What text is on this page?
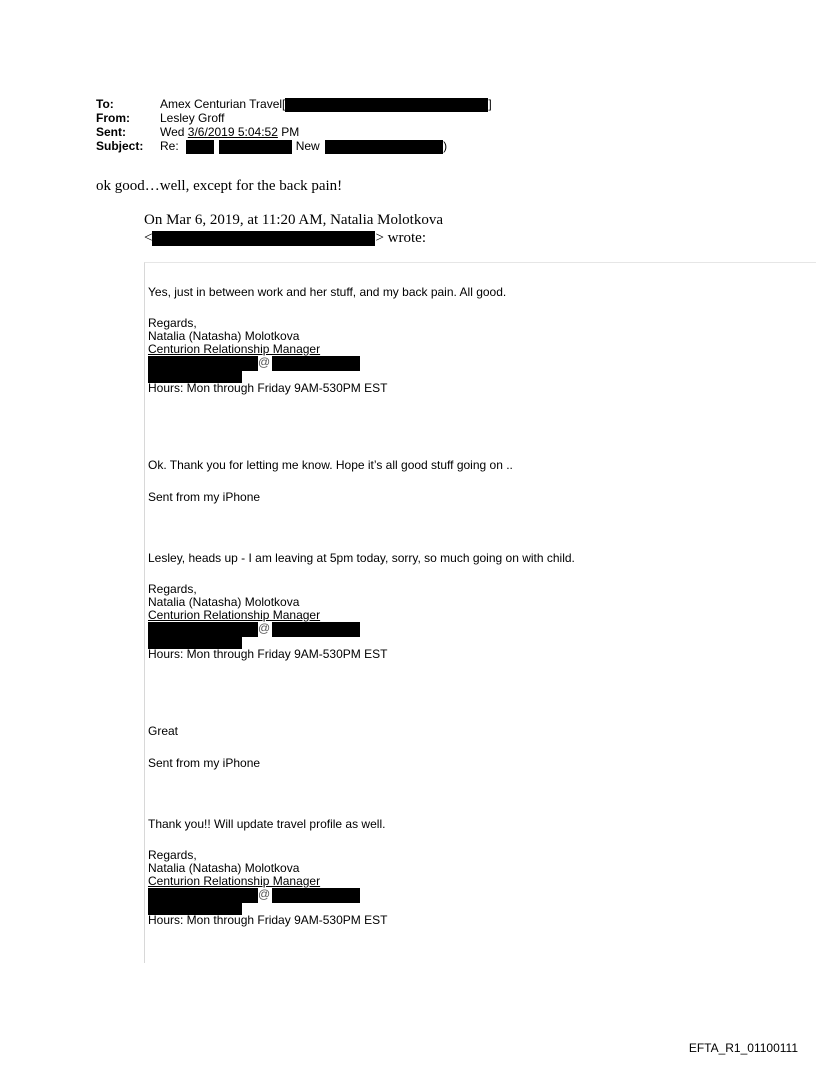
To:	Amex Centurian Travel[	]
From:	Lesley Groff
Sent:	Wed 3/6/2019 5:04:52 PM
Subject:	Re:	New	)
ok good…well, except for the back pain!
On Mar 6, 2019, at 11:20 AM, Natalia Molotkova
<	> wrote:
Yes, just in between work and her stuff, and my back pain. All good.
Regards,
Natalia (Natasha) Molotkova
Centurion Relationship Manager
@
Hours: Mon through Friday 9AM-530PM EST
Ok. Thank you for letting me know. Hope it’s all good stuff going on ..
Sent from my iPhone
Lesley, heads up - I am leaving at 5pm today, sorry, so much going on with child.
Regards,
Natalia (Natasha) Molotkova
Centurion Relationship Manager
@
Hours: Mon through Friday 9AM-530PM EST
Great
Sent from my iPhone
Thank you!! Will update travel profile as well.
Regards,
Natalia (Natasha) Molotkova
Centurion Relationship Manager
@
Hours: Mon through Friday 9AM-530PM EST
EFTA_R1_01100111
